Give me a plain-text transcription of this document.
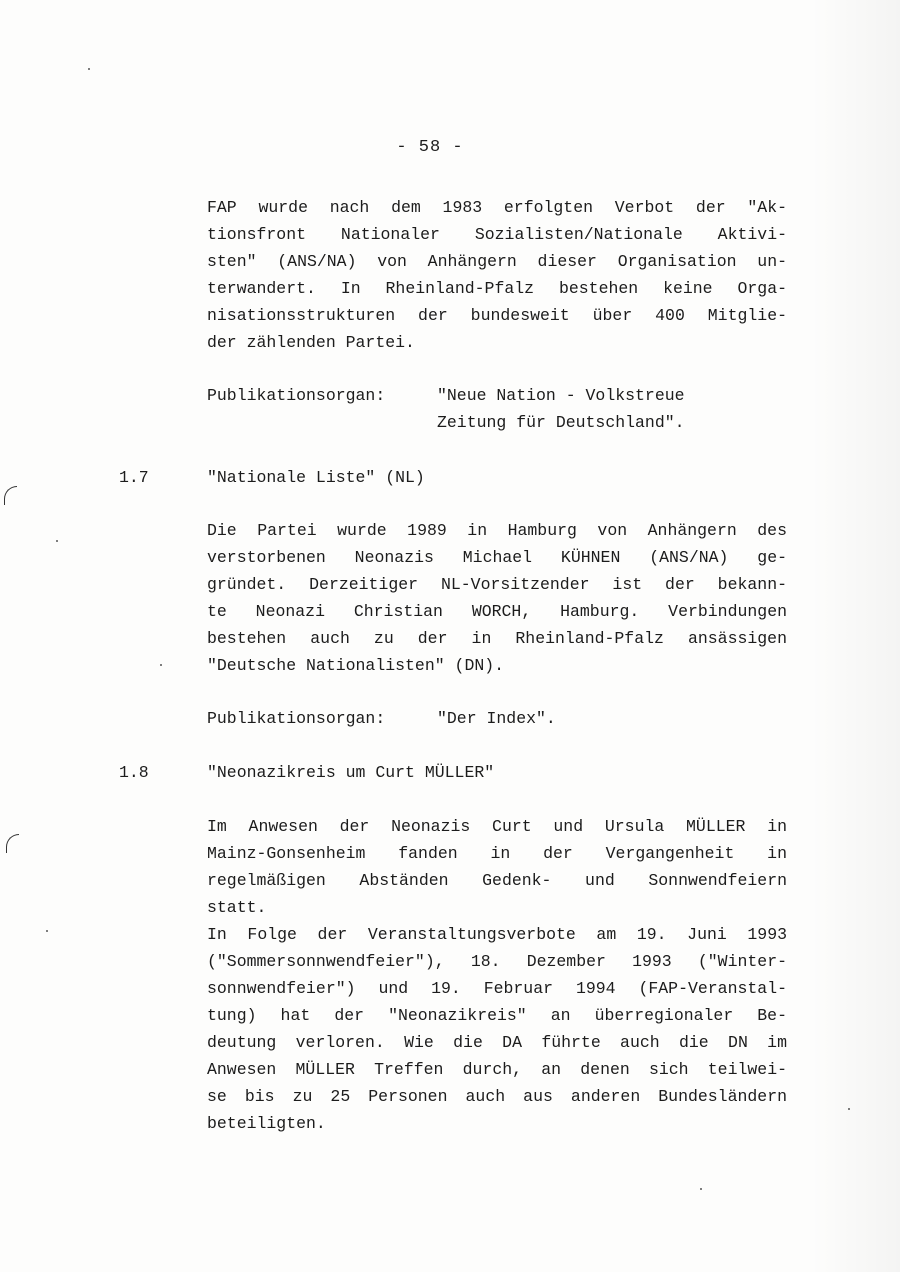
- 58 -
FAP wurde nach dem 1983 erfolgten Verbot der "Ak-
tionsfront Nationaler Sozialisten/Nationale Aktivi-
sten" (ANS/NA) von Anhängern dieser Organisation un-
terwandert. In Rheinland-Pfalz bestehen keine Orga-
nisationsstrukturen der bundesweit über 400 Mitglie-
der zählenden Partei.
Publikationsorgan:	"Neue Nation - Volkstreue
Zeitung für Deutschland".
1.7	"Nationale Liste" (NL)
Die Partei wurde 1989 in Hamburg von Anhängern des
verstorbenen Neonazis Michael KÜHNEN (ANS/NA) ge-
gründet. Derzeitiger NL-Vorsitzender ist der bekann-
te Neonazi Christian WORCH, Hamburg. Verbindungen
bestehen auch zu der in Rheinland-Pfalz ansässigen
"Deutsche Nationalisten" (DN).
Publikationsorgan:	"Der Index".
1.8	"Neonazikreis um Curt MÜLLER"
Im Anwesen der Neonazis Curt und Ursula MÜLLER in
Mainz-Gonsenheim fanden in der Vergangenheit in
regelmäßigen Abständen Gedenk- und Sonnwendfeiern
statt.
In Folge der Veranstaltungsverbote am 19. Juni 1993
("Sommersonnwendfeier"), 18. Dezember 1993 ("Winter-
sonnwendfeier") und 19. Februar 1994 (FAP-Veranstal-
tung) hat der "Neonazikreis" an überregionaler Be-
deutung verloren. Wie die DA führte auch die DN im
Anwesen MÜLLER Treffen durch, an denen sich teilwei-
se bis zu 25 Personen auch aus anderen Bundesländern
beteiligten.
